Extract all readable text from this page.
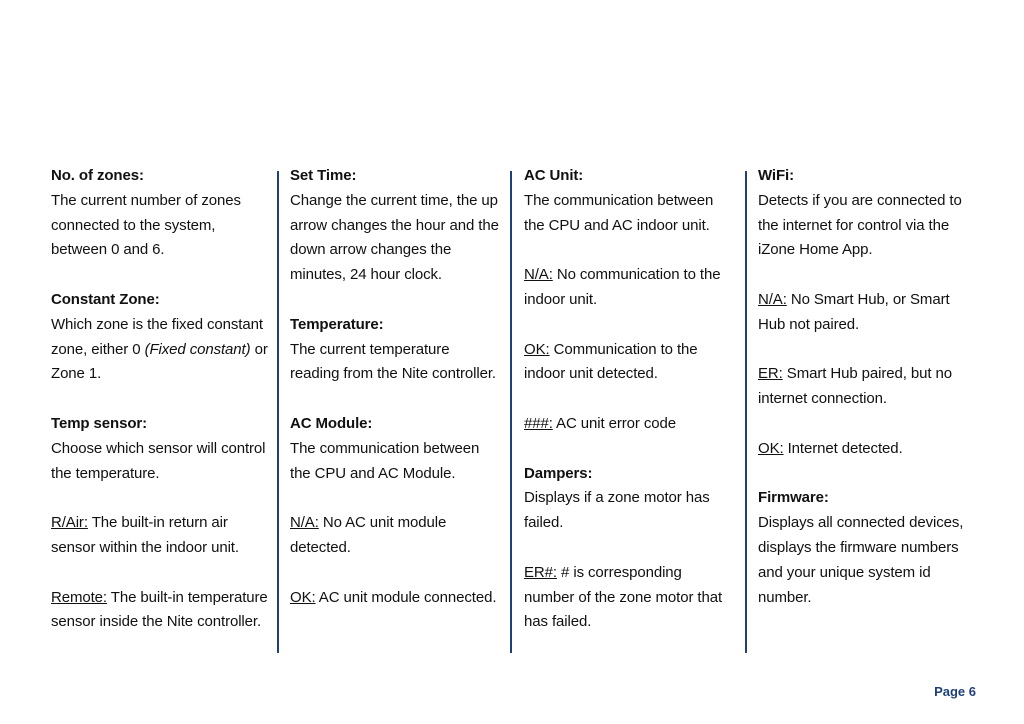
No. of zones:
The current number of zones connected to the system, between 0 and 6.
Constant Zone:
Which zone is the fixed constant zone, either 0 (Fixed constant) or Zone 1.
Temp sensor:
Choose which sensor will control the temperature.
R/Air: The built-in return air sensor within the indoor unit.
Remote: The built-in temperature sensor inside the Nite controller.
Set Time:
Change the current time, the up arrow changes the hour and the down arrow changes the minutes, 24 hour clock.
Temperature:
The current temperature reading from the Nite controller.
AC Module:
The communication between the CPU and AC Module.
N/A: No AC unit module detected.
OK: AC unit module connected.
AC Unit:
The communication between the CPU and AC indoor unit.
N/A: No communication to the indoor unit.
OK: Communication to the indoor unit detected.
###: AC unit error code
Dampers:
Displays if a zone motor has failed.
ER#: # is corresponding number of the zone motor that has failed.
WiFi:
Detects if you are connected to the internet for control via the iZone Home App.
N/A: No Smart Hub, or Smart Hub not paired.
ER: Smart Hub paired, but no internet connection.
OK: Internet detected.
Firmware:
Displays all connected devices, displays the firmware numbers and your unique system id number.
Page 6
